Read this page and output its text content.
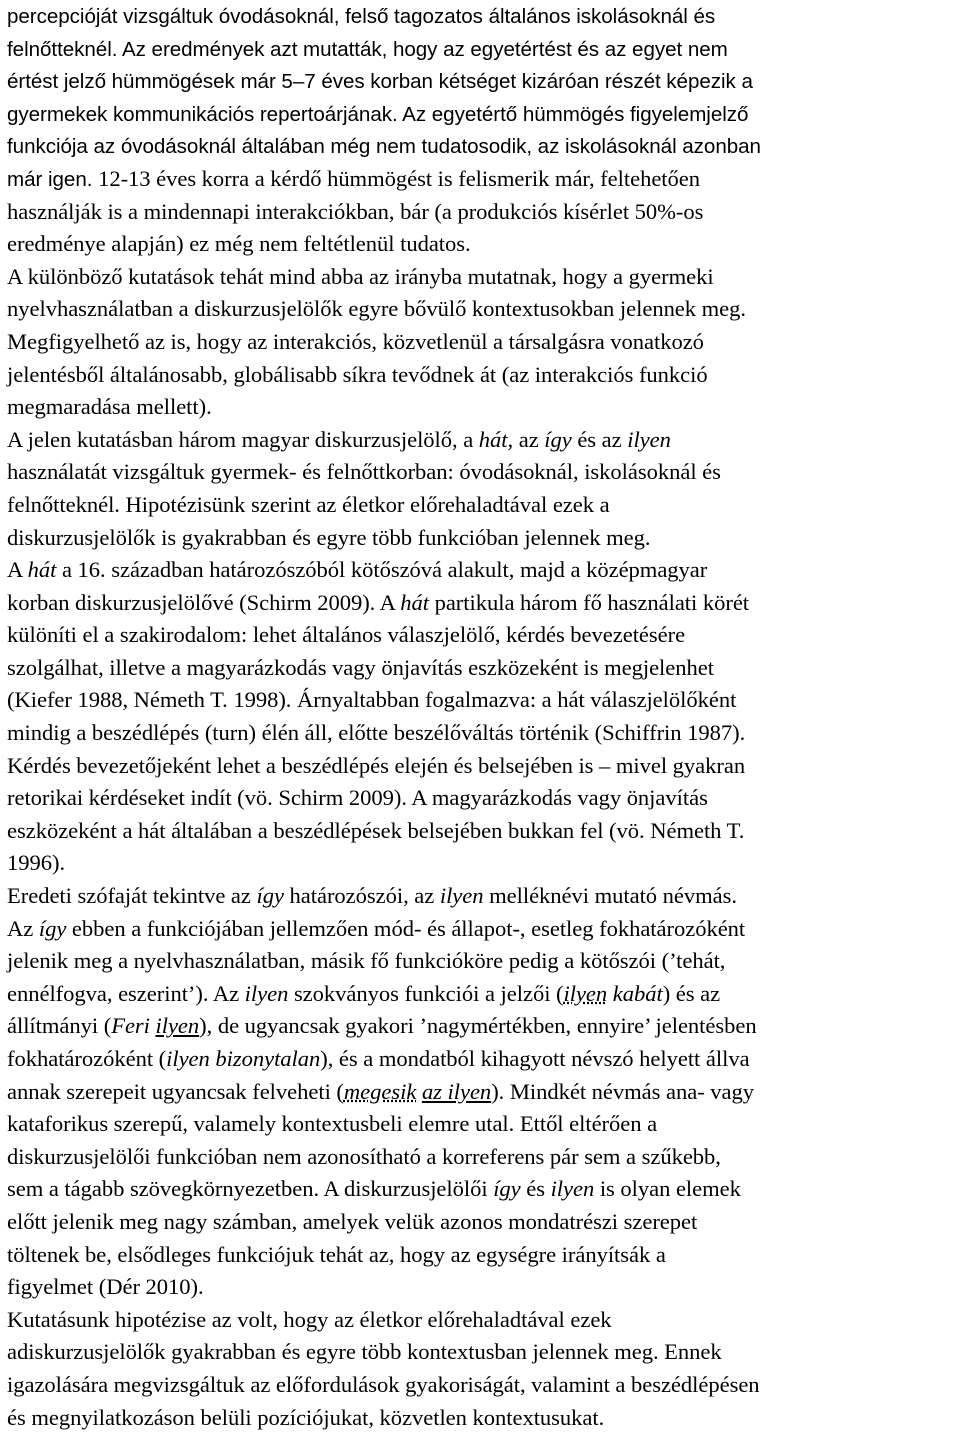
percepcióját vizsgáltuk óvodásoknál, felső tagozatos általános iskolásoknál és
felnőtteknél. Az eredmények azt mutatták, hogy az egyetértést és az egyet nem
értést jelző hümmögések már 5–7 éves korban kétséget kizáróan részét képezik a
gyermekek kommunikációs repertoárjának. Az egyetértő hümmögés figyelemjelző
funkciója az óvodásoknál általában még nem tudatosodik, az iskolásoknál azonban
már igen. 12-13 éves korra a kérdő hümmögést is felismerik már, feltehetően
használják is a mindennapi interakciókban, bár (a produkciós kísérlet 50%-os
eredménye alapján) ez még nem feltétlenül tudatos.
A különböző kutatások tehát mind abba az irányba mutatnak, hogy a gyermeki
nyelvhasználatban a diskurzusjelölők egyre bővülő kontextusokban jelennek meg.
Megfigyelhető az is, hogy az interakciós, közvetlenül a társalgásra vonatkozó
jelentésből általánosabb, globálisabb síkra tevődnek át (az interakciós funkció
megmaradása mellett).
A jelen kutatásban három magyar diskurzusjelölő, a hát, az így és az ilyen
használatát vizsgáltuk gyermek- és felnőttkorban: óvodásoknál, iskolásoknál és
felnőtteknél. Hipotézisünk szerint az életkor előrehaladtával ezek a
diskurzusjelölők is gyakrabban és egyre több funkcióban jelennek meg.
A hát a 16. században határozószóból kötőszóvá alakult, majd a középmagyar
korban diskurzusjelölővé (Schirm 2009). A hát partikula három fő használati körét
különíti el a szakirodalom: lehet általános válaszjelölő, kérdés bevezetésére
szolgálhat, illetve a magyarázkodás vagy önjavítás eszközeként is megjelenhet
(Kiefer 1988, Németh T. 1998). Árnyaltabban fogalmazva: a hát válaszjelölőként
mindig a beszédlépés (turn) élén áll, előtte beszélőváltás történik (Schiffrin 1987).
Kérdés bevezetőjeként lehet a beszédlépés elején és belsejében is – mivel gyakran
retorikai kérdéseket indít (vö. Schirm 2009). A magyarázkodás vagy önjavítás
eszközeként a hát általában a beszédlépések belsejében bukkan fel (vö. Németh T.
1996).
Eredeti szófaját tekintve az így határozószói, az ilyen melléknévi mutató névmás.
Az így ebben a funkciójában jellemzően mód- és állapot-, esetleg fokhatározóként
jelenik meg a nyelvhasználatban, másik fő funkcióköre pedig a kötőszói (’tehát,
ennélfogva, eszerint’). Az ilyen szokványos funkciói a jelzői (ilyen kabát) és az
állítmányi (Feri ilyen), de ugyancsak gyakori ’nagymértékben, ennyire’ jelentésben
fokhatározóként (ilyen bizonytalan), és a mondatból kihagyott névszó helyett állva
annak szerepeit ugyancsak felveheti (megesik az ilyen). Mindkét névmás ana- vagy
kataforikus szerepű, valamely kontextusbeli elemre utal. Ettől eltérően a
diskurzusjelölői funkcióban nem azonosítható a korreferens pár sem a szűkebb,
sem a tágabb szövegkörnyezetben. A diskurzusjelölői így és ilyen is olyan elemek
előtt jelenik meg nagy számban, amelyek velük azonos mondatrészi szerepet
töltenek be, elsődleges funkciójuk tehát az, hogy az egységre irányítsák a
figyelmet (Dér 2010).
Kutatásunk hipotézise az volt, hogy az életkor előrehaladtával ezek
adiskurzusjelölők gyakrabban és egyre több kontextusban jelennek meg. Ennek
igazolására megvizsgáltuk az előfordulások gyakoriságát, valamint a beszédlépésen
és megnyilatkozáson belüli pozíciójukat, közvetlen kontextusukat.
